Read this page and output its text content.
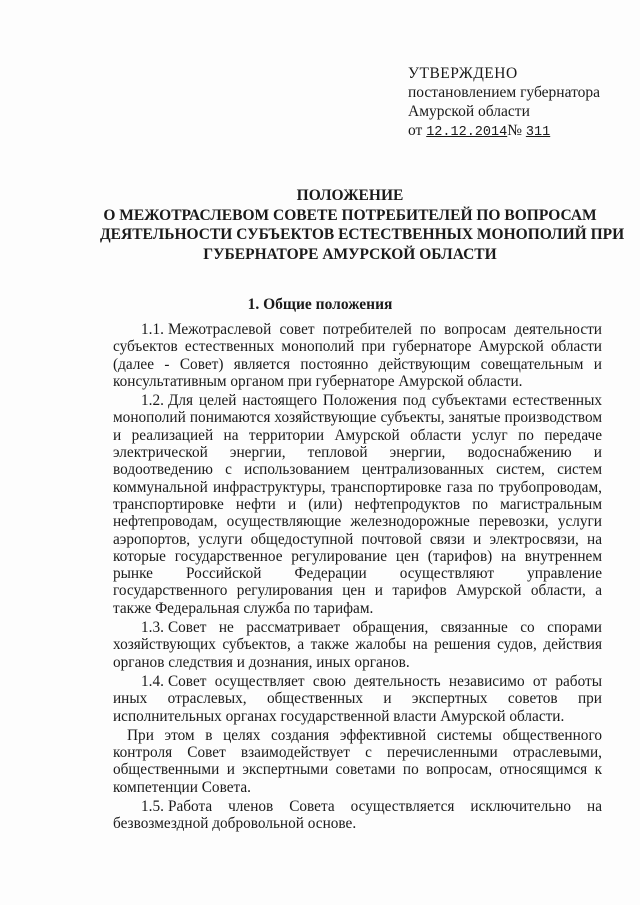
УТВЕРЖДЕНО
постановлением губернатора
Амурской области
от 12.12.2014№ 311
ПОЛОЖЕНИЕ
О МЕЖОТРАСЛЕВОМ СОВЕТЕ ПОТРЕБИТЕЛЕЙ ПО ВОПРОСАМ
ДЕЯТЕЛЬНОСТИ СУБЪЕКТОВ ЕСТЕСТВЕННЫХ МОНОПОЛИЙ ПРИ
ГУБЕРНАТОРЕ АМУРСКОЙ ОБЛАСТИ
1. Общие положения

1.1. Межотраслевой совет потребителей по вопросам деятельности субъектов естественных монополий при губернаторе Амурской области (далее - Совет) является постоянно действующим совещательным и консультативным органом при губернаторе Амурской области.

1.2. Для целей настоящего Положения под субъектами естественных монополий понимаются хозяйствующие субъекты, занятые производством и реализацией на территории Амурской области услуг по передаче электрической энергии, тепловой энергии, водоснабжению и водоотведению с использованием централизованных систем, систем коммунальной инфраструктуры, транспортировке газа по трубопроводам, транспортировке нефти и (или) нефтепродуктов по магистральным нефтепроводам, осуществляющие железнодорожные перевозки, услуги аэропортов, услуги общедоступной почтовой связи и электросвязи, на которые государственное регулирование цен (тарифов) на внутреннем рынке Российской Федерации осуществляют управление государственного регулирования цен и тарифов Амурской области, а также Федеральная служба по тарифам.

1.3. Совет не рассматривает обращения, связанные со спорами хозяйствующих субъектов, а также жалобы на решения судов, действия органов следствия и дознания, иных органов.

1.4. Совет осуществляет свою деятельность независимо от работы иных отраслевых, общественных и экспертных советов при исполнительных органах государственной власти Амурской области.

При этом в целях создания эффективной системы общественного контроля Совет взаимодействует с перечисленными отраслевыми, общественными и экспертными советами по вопросам, относящимся к компетенции Совета.

1.5. Работа членов Совета осуществляется исключительно на безвозмездной добровольной основе.
